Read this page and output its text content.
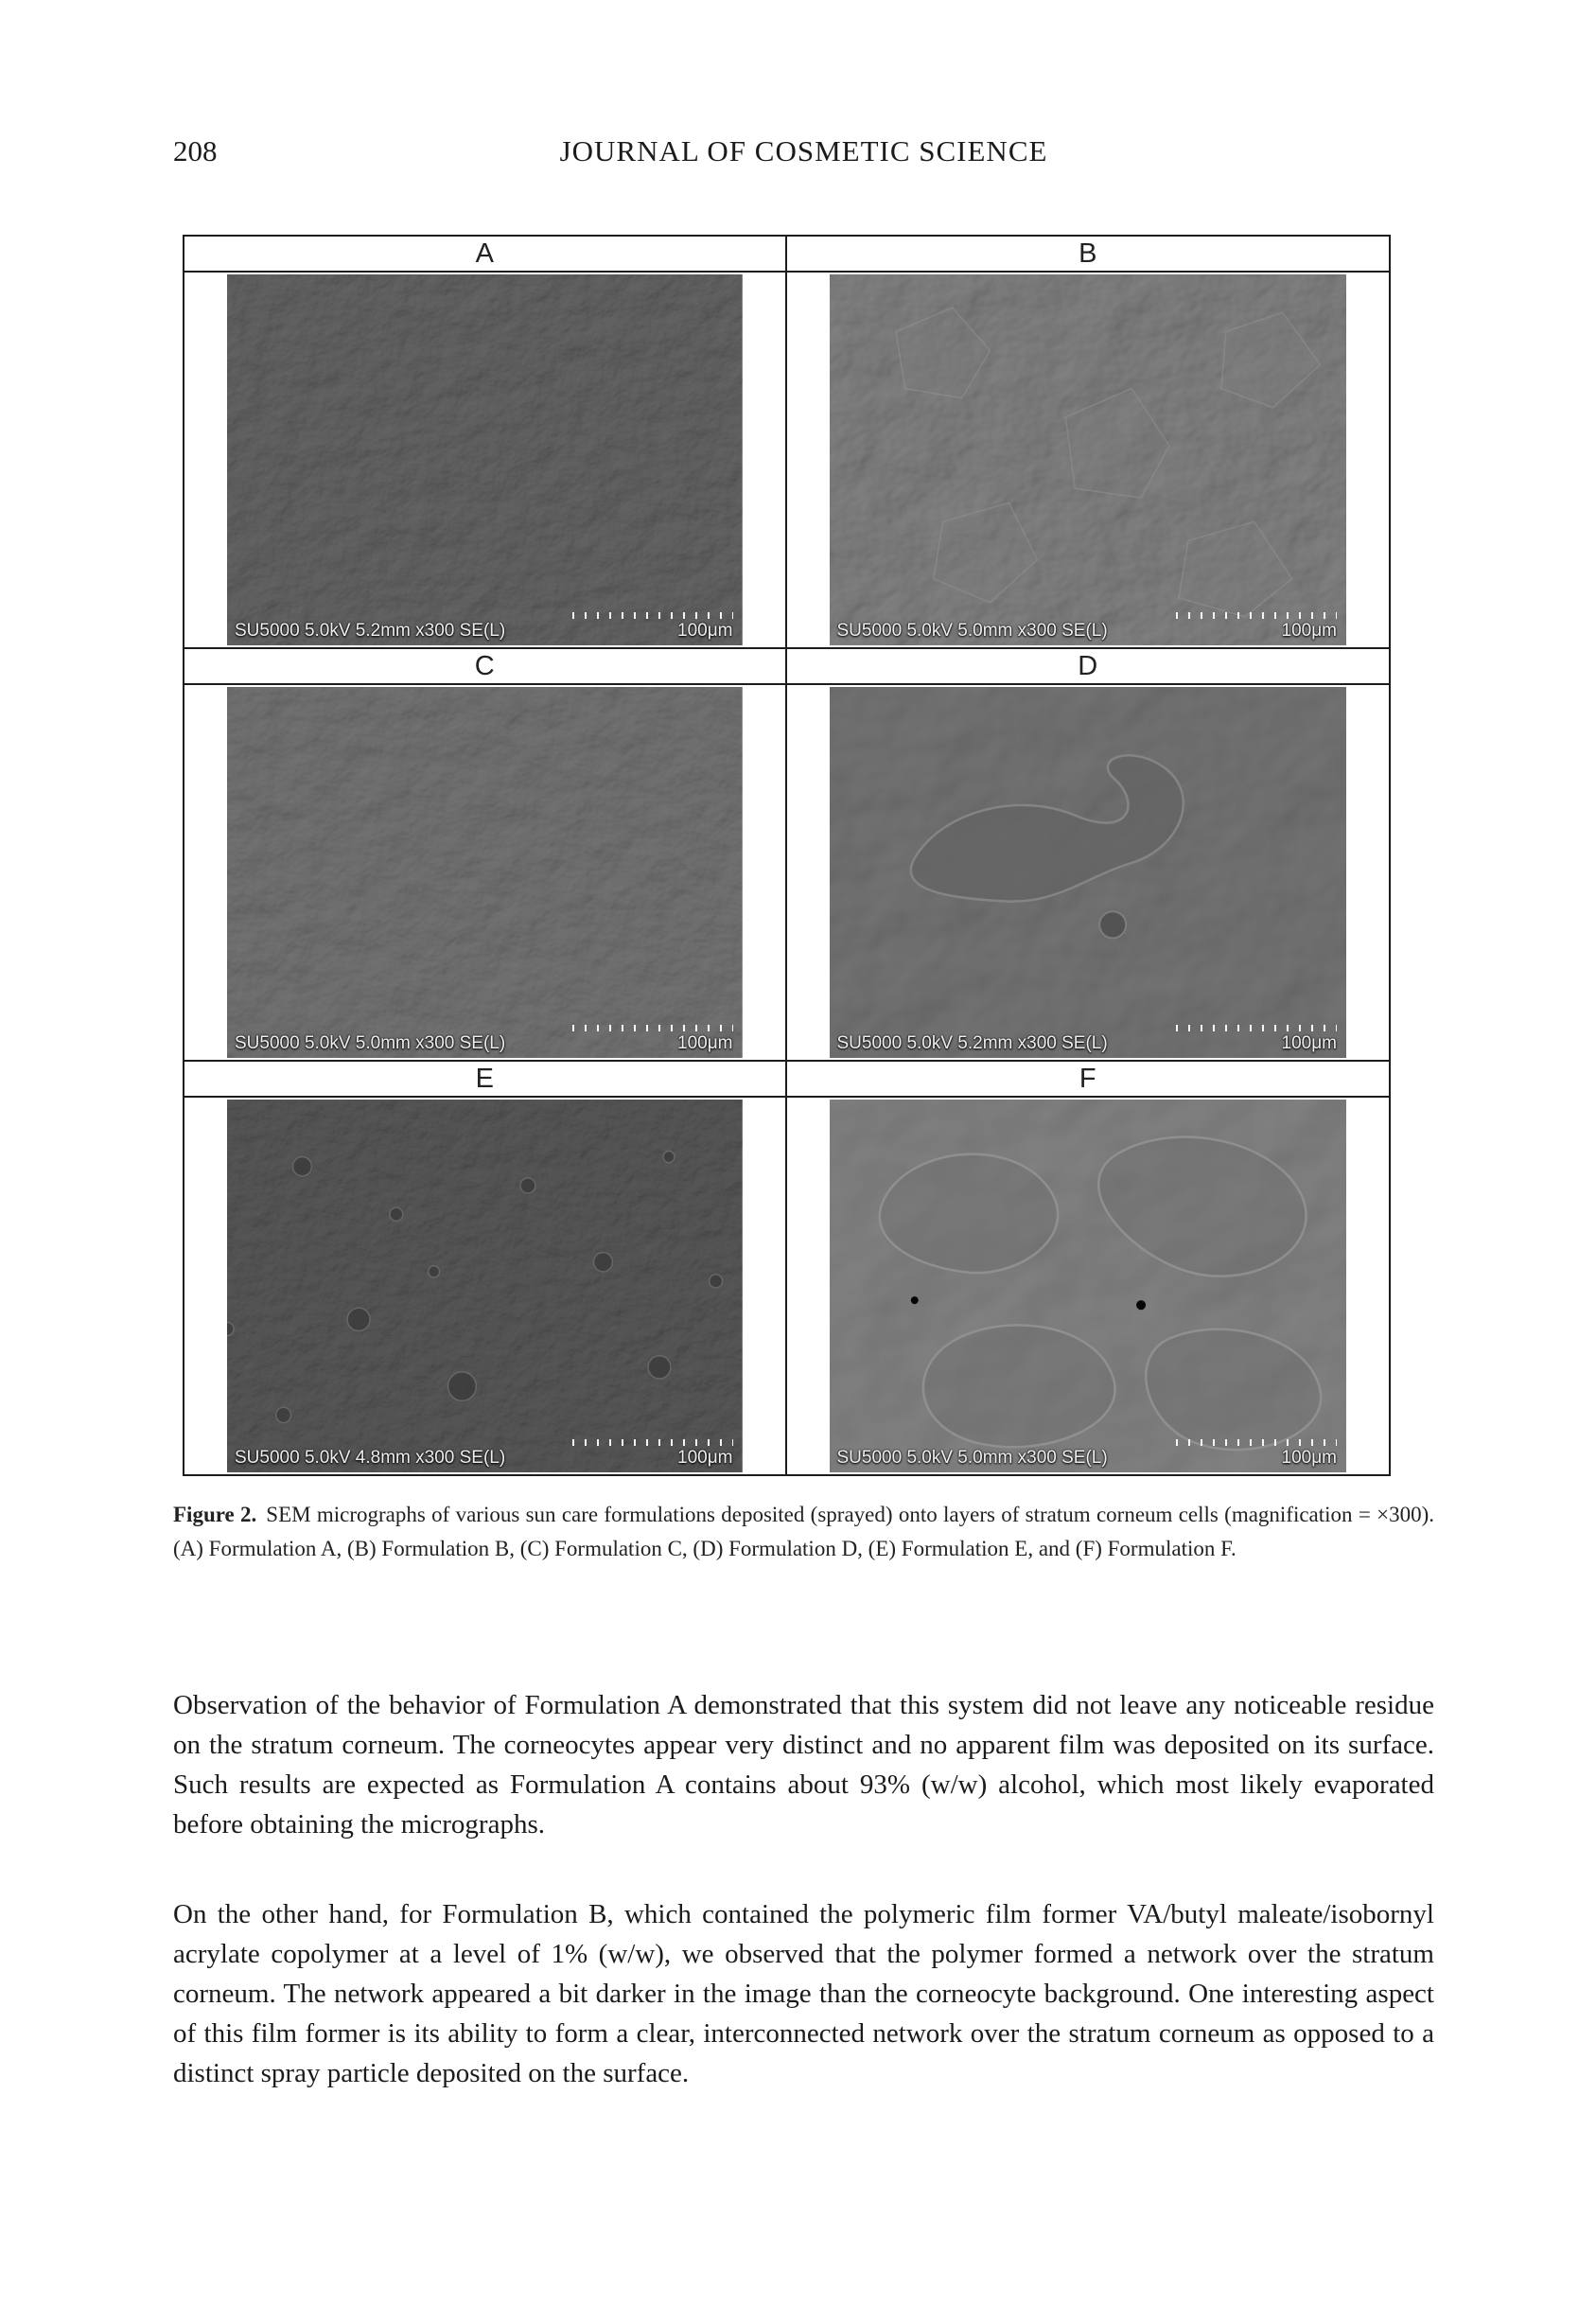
208	JOURNAL OF COSMETIC SCIENCE
A	B
SU5000 5.0kV 5.2mm x300 SE(L)	100μm	SU5000 5.0kV 5.0mm x300 SE(L)	100μm
C	D
SU5000 5.0kV 5.0mm x300 SE(L)	100μm	SU5000 5.0kV 5.2mm x300 SE(L)	100μm
E	F
SU5000 5.0kV 4.8mm x300 SE(L)	100μm	SU5000 5.0kV 5.0mm x300 SE(L)	100μm
Figure 2. SEM micrographs of various sun care formulations deposited (sprayed) onto layers of stratum corneum cells (magnification = ×300). (A) Formulation A, (B) Formulation B, (C) Formulation C, (D) Formulation D, (E) Formulation E, and (F) Formulation F.

Observation of the behavior of Formulation A demonstrated that this system did not leave any noticeable residue on the stratum corneum. The corneocytes appear very distinct and no apparent film was deposited on its surface. Such results are expected as Formulation A contains about 93% (w/w) alcohol, which most likely evaporated before obtaining the micrographs.

On the other hand, for Formulation B, which contained the polymeric film former VA/butyl maleate/isobornyl acrylate copolymer at a level of 1% (w/w), we observed that the polymer formed a network over the stratum corneum. The network appeared a bit darker in the image than the corneocyte background. One interesting aspect of this film former is its ability to form a clear, interconnected network over the stratum corneum as opposed to a distinct spray particle deposited on the surface.
